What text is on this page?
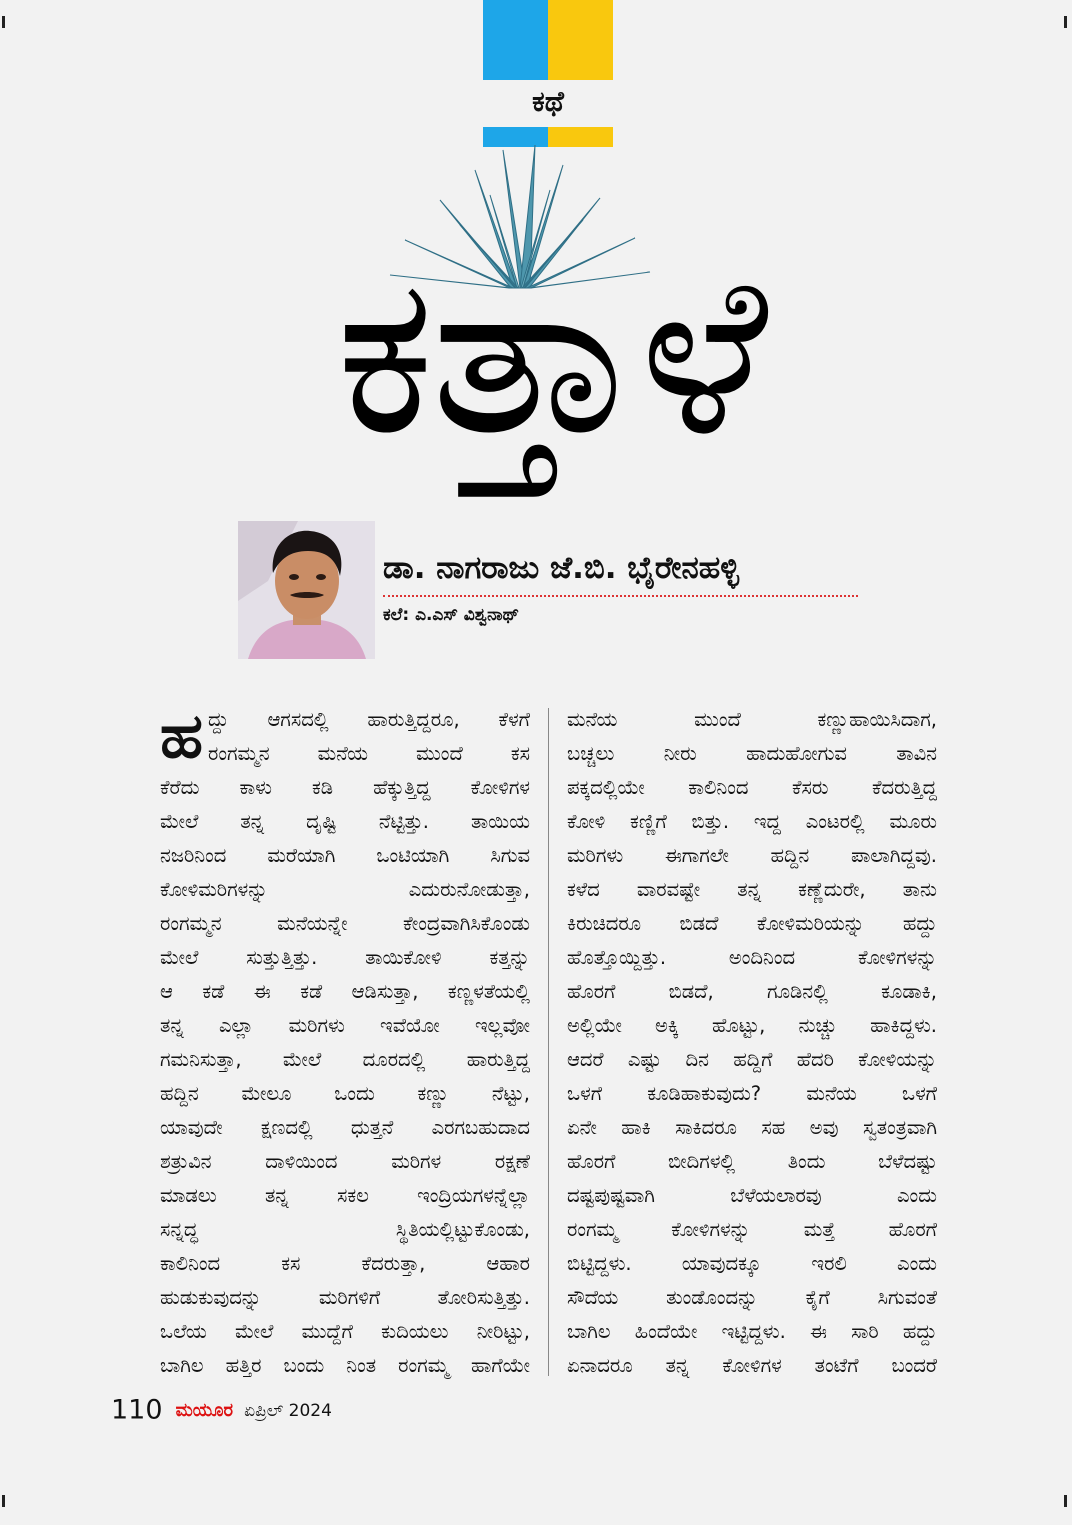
ಕಥೆ
ಕತ್ತಾಳೆ
ಡಾ. ನಾಗರಾಜು ಜೆ.ಬಿ. ಭೈರೇನಹಳ್ಳಿ
ಕಲೆ: ಎ.ಎಸ್‌ ವಿಶ್ವನಾಥ್
ಹ ದ್ದು ಆಗಸದಲ್ಲಿ ಹಾರುತ್ತಿದ್ದರೂ, ಕೆಳಗೆ
ರಂಗಮ್ಮನ ಮನೆಯ ಮುಂದೆ ಕಸ
ಕೆರೆದು ಕಾಳು ಕಡಿ ಹೆಕ್ಕುತ್ತಿದ್ದ ಕೋಳಿಗಳ
ಮೇಲೆ ತನ್ನ ದೃಷ್ಟಿ ನೆಟ್ಟಿತ್ತು. ತಾಯಿಯ
ನಜರಿನಿಂದ ಮರೆಯಾಗಿ ಒಂಟಿಯಾಗಿ ಸಿಗುವ
ಕೋಳಿಮರಿಗಳನ್ನು ಎದುರುನೋಡುತ್ತಾ,
ರಂಗಮ್ಮನ ಮನೆಯನ್ನೇ ಕೇಂದ್ರವಾಗಿಸಿಕೊಂಡು
ಮೇಲೆ ಸುತ್ತುತ್ತಿತ್ತು. ತಾಯಿಕೋಳಿ ಕತ್ತನ್ನು
ಆ ಕಡೆ ಈ ಕಡೆ ಆಡಿಸುತ್ತಾ, ಕಣ್ಣಳತೆಯಲ್ಲಿ
ತನ್ನ ಎಲ್ಲಾ ಮರಿಗಳು ಇವೆಯೋ ಇಲ್ಲವೋ
ಗಮನಿಸುತ್ತಾ, ಮೇಲೆ ದೂರದಲ್ಲಿ ಹಾರುತ್ತಿದ್ದ
ಹದ್ದಿನ ಮೇಲೂ ಒಂದು ಕಣ್ಣು ನೆಟ್ಟು,
ಯಾವುದೇ ಕ್ಷಣದಲ್ಲಿ ಧುತ್ತನೆ ಎರಗಬಹುದಾದ
ಶತ್ರುವಿನ ದಾಳಿಯಿಂದ ಮರಿಗಳ ರಕ್ಷಣೆ
ಮಾಡಲು ತನ್ನ ಸಕಲ ಇಂದ್ರಿಯಗಳನ್ನೆಲ್ಲಾ
ಸನ್ನದ್ಧ ಸ್ಥಿತಿಯಲ್ಲಿಟ್ಟುಕೊಂಡು,
ಕಾಲಿನಿಂದ ಕಸ ಕೆದರುತ್ತಾ, ಆಹಾರ
ಹುಡುಕುವುದನ್ನು ಮರಿಗಳಿಗೆ ತೋರಿಸುತ್ತಿತ್ತು.
ಒಲೆಯ ಮೇಲೆ ಮುದ್ದೆಗೆ ಕುದಿಯಲು ನೀರಿಟ್ಟು,
ಬಾಗಿಲ ಹತ್ತಿರ ಬಂದು ನಿಂತ ರಂಗಮ್ಮ ಹಾಗೆಯೇ
ಮನೆಯ ಮುಂದೆ ಕಣ್ಣುಹಾಯಿಸಿದಾಗ,
ಬಚ್ಚಲು ನೀರು ಹಾದುಹೋಗುವ ತಾವಿನ
ಪಕ್ಕದಲ್ಲಿಯೇ ಕಾಲಿನಿಂದ ಕೆಸರು ಕೆದರುತ್ತಿದ್ದ
ಕೋಳಿ ಕಣ್ಣಿಗೆ ಬಿತ್ತು. ಇದ್ದ ಎಂಟರಲ್ಲಿ ಮೂರು
ಮರಿಗಳು ಈಗಾಗಲೇ ಹದ್ದಿನ ಪಾಲಾಗಿದ್ದವು.
ಕಳೆದ ವಾರವಷ್ಟೇ ತನ್ನ ಕಣ್ಣೆದುರೇ, ತಾನು
ಕಿರುಚಿದರೂ ಬಿಡದೆ ಕೋಳಿಮರಿಯನ್ನು ಹದ್ದು
ಹೊತ್ತೊಯ್ದಿತ್ತು. ಅಂದಿನಿಂದ ಕೋಳಿಗಳನ್ನು
ಹೊರಗೆ ಬಿಡದೆ, ಗೂಡಿನಲ್ಲಿ ಕೂಡಾಕಿ,
ಅಲ್ಲಿಯೇ ಅಕ್ಕಿ ಹೊಟ್ಟು, ನುಚ್ಚು ಹಾಕಿದ್ದಳು.
ಆದರೆ ಎಷ್ಟು ದಿನ ಹದ್ದಿಗೆ ಹೆದರಿ ಕೋಳಿಯನ್ನು
ಒಳಗೆ ಕೂಡಿಹಾಕುವುದು? ಮನೆಯ ಒಳಗೆ
ಏನೇ ಹಾಕಿ ಸಾಕಿದರೂ ಸಹ ಅವು ಸ್ವತಂತ್ರವಾಗಿ
ಹೊರಗೆ ಬೀದಿಗಳಲ್ಲಿ ತಿಂದು ಬೆಳೆದಷ್ಟು
ದಷ್ಟಪುಷ್ಟವಾಗಿ ಬೆಳೆಯಲಾರವು ಎಂದು
ರಂಗಮ್ಮ ಕೋಳಿಗಳನ್ನು ಮತ್ತೆ ಹೊರಗೆ
ಬಿಟ್ಟಿದ್ದಳು. ಯಾವುದಕ್ಕೂ ಇರಲಿ ಎಂದು
ಸೌದೆಯ ತುಂಡೊಂದನ್ನು ಕೈಗೆ ಸಿಗುವಂತೆ
ಬಾಗಿಲ ಹಿಂದೆಯೇ ಇಟ್ಟಿದ್ದಳು. ಈ ಸಾರಿ ಹದ್ದು
ಏನಾದರೂ ತನ್ನ ಕೋಳಿಗಳ ತಂಟೆಗೆ ಬಂದರೆ
110 ಮಯೂರ ಏಪ್ರಿಲ್ 2024
